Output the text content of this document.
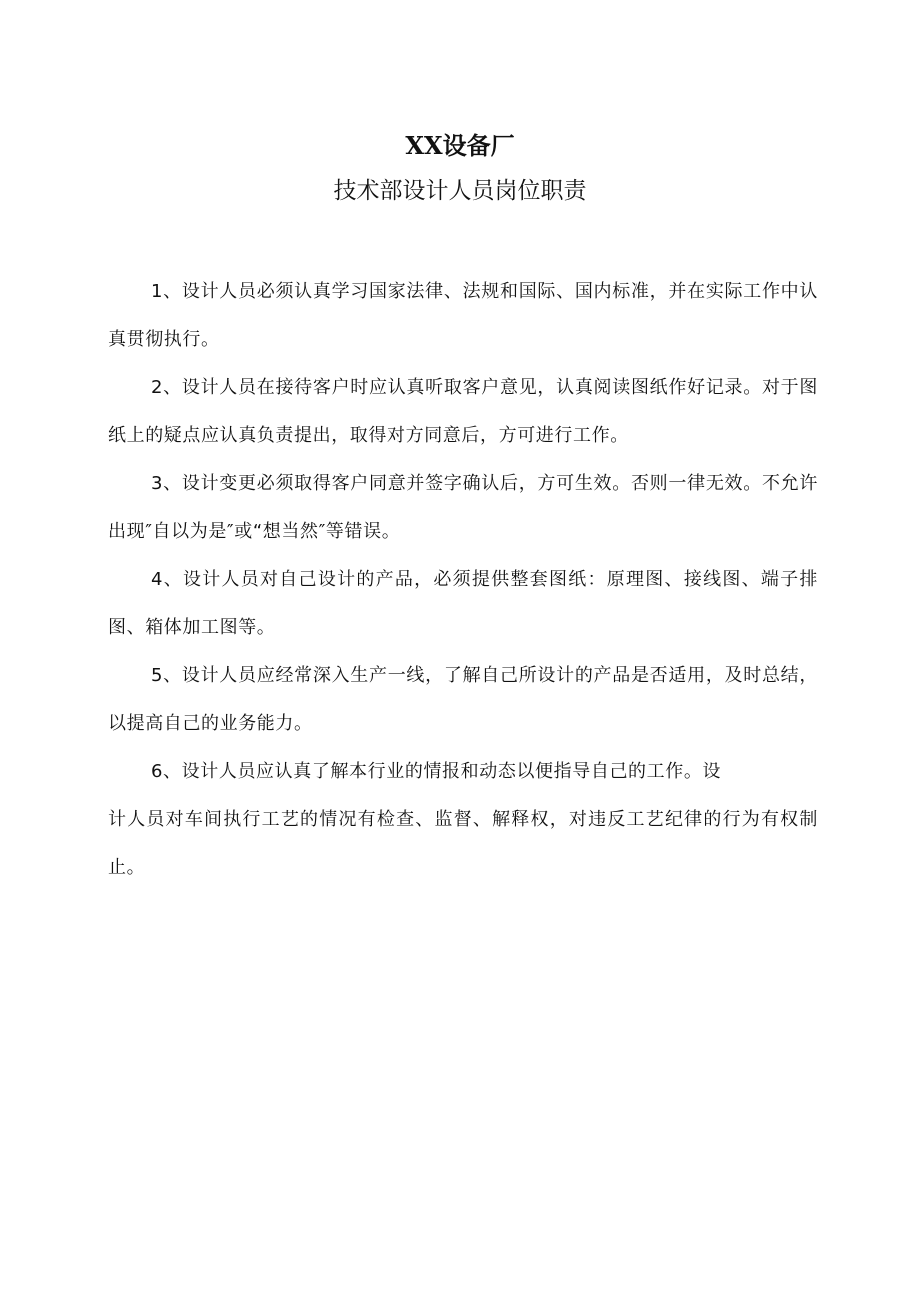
XX设备厂
技术部设计人员岗位职责

1、设计人员必须认真学习国家法律、法规和国际、国内标准，并在实际工作中认真贯彻执行。

2、设计人员在接待客户时应认真听取客户意见，认真阅读图纸作好记录。对于图纸上的疑点应认真负责提出，取得对方同意后，方可进行工作。

3、设计变更必须取得客户同意并签字确认后，方可生效。否则一律无效。不允许出现″自以为是″或“想当然″等错误。

4、设计人员对自己设计的产品，必须提供整套图纸：原理图、接线图、端子排图、箱体加工图等。

5、设计人员应经常深入生产一线，了解自己所设计的产品是否适用，及时总结，以提高自己的业务能力。

6、设计人员应认真了解本行业的情报和动态以便指导自己的工作。设

计人员对车间执行工艺的情况有检查、监督、解释权，对违反工艺纪律的行为有权制止。
